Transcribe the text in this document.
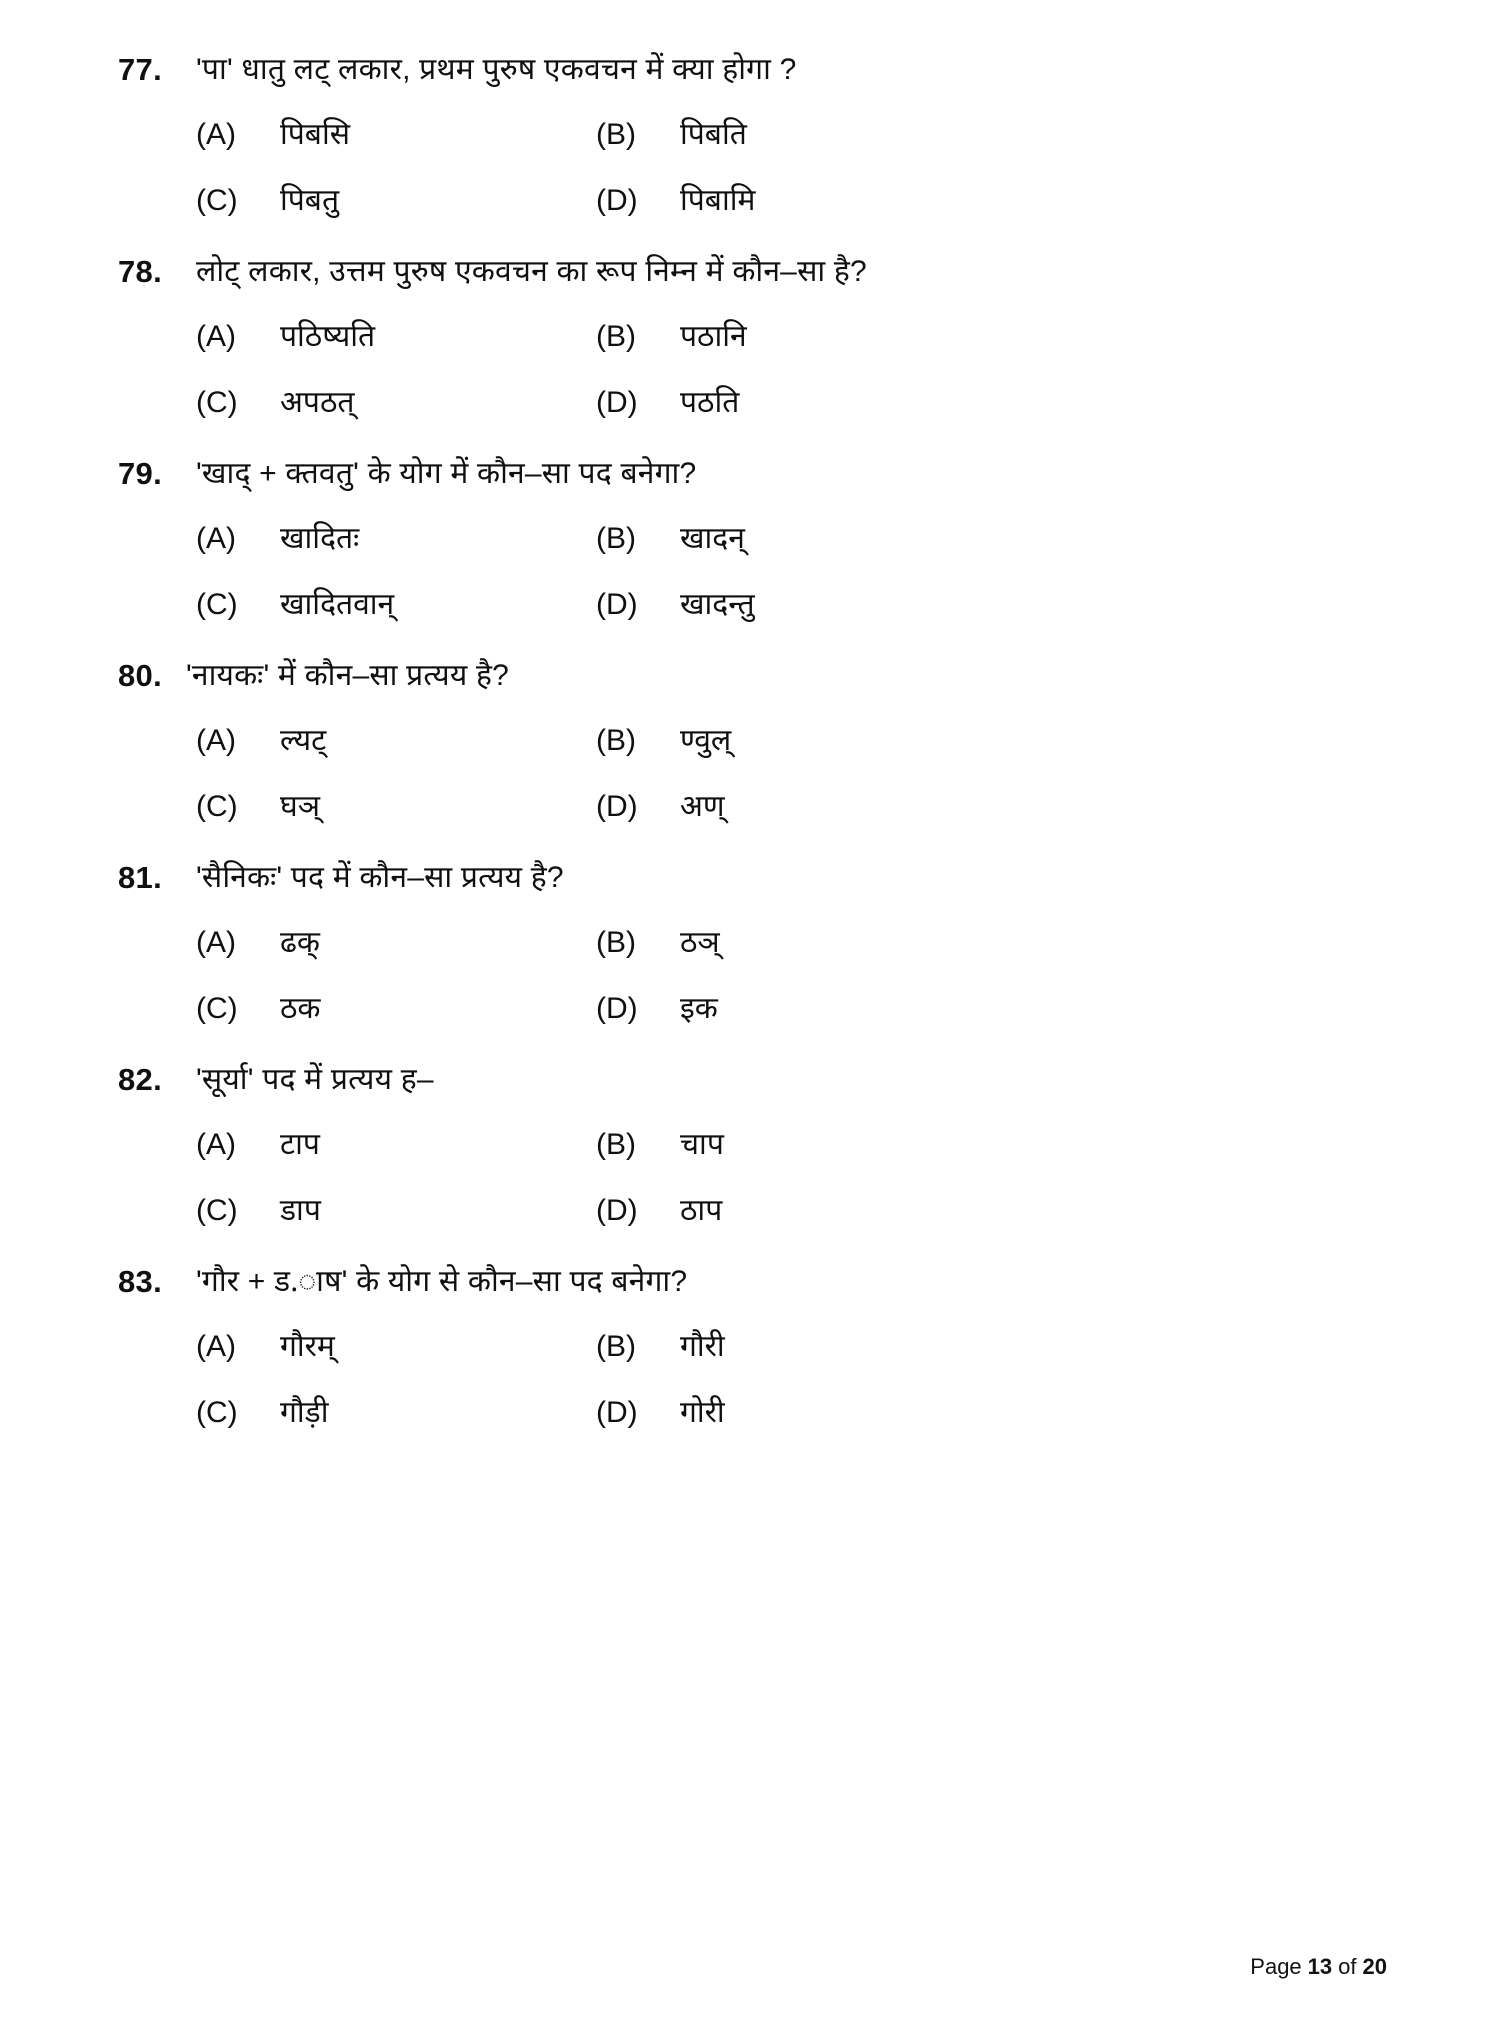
77.	'पा' धातु लट् लकार, प्रथम पुरुष एकवचन में क्या होगा ?
(A)	पिबसि	(B)	पिबति
(C)	पिबतु	(D)	पिबामि
78.	लोट् लकार, उत्तम पुरुष एकवचन का रूप निम्न में कौन–सा है?
(A)	पठिष्यति	(B)	पठानि
(C)	अपठत्	(D)	पठति
79.	'खाद् + क्तवतु' के योग में कौन–सा पद बनेगा?
(A)	खादितः	(B)	खादन्
(C)	खादितवान्	(D)	खादन्तु
80. 'नायकः' में कौन–सा प्रत्यय है?
(A)	ल्यट्	(B)	ण्वुल्
(C)	घञ्	(D)	अण्
81.	'सैनिकः' पद में कौन–सा प्रत्यय है?
(A)	ढक्	(B)	ठञ्
(C)	ठक	(D)	इक
82.	'सूर्या' पद में प्रत्यय ह–
(A)	टाप	(B)	चाप
(C)	डाप	(D)	ठाप
83.	'गौर + ड.ाष' के योग से कौन–सा पद बनेगा?
(A)	गौरम्	(B)	गौरी
(C)	गौड़ी	(D)	गोरी
Page 13 of 20
